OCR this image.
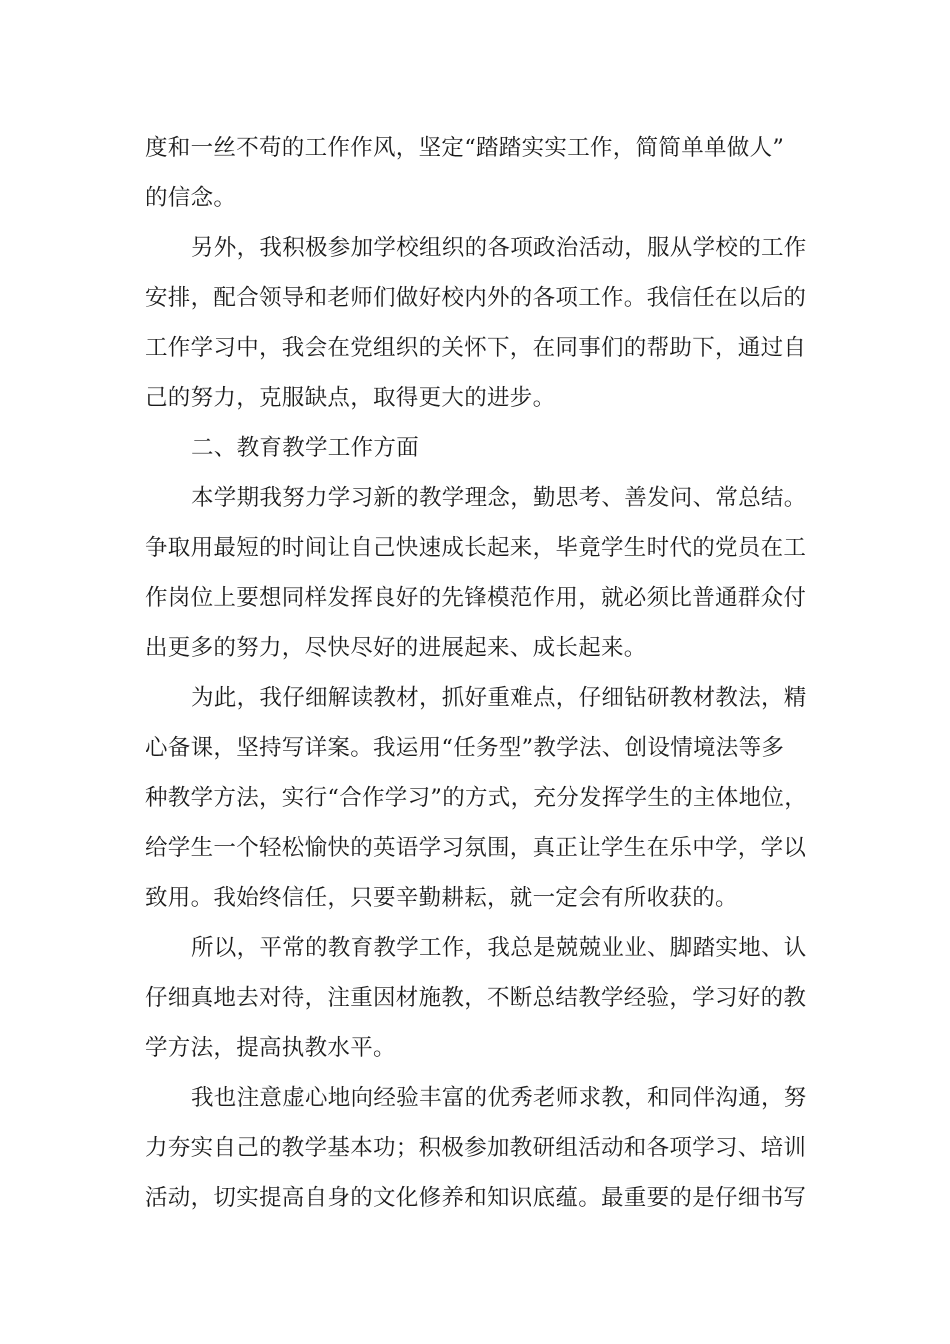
度和一丝不苟的工作作风，坚定“踏踏实实工作，简简单单做人”
的信念。
另外，我积极参加学校组织的各项政治活动，服从学校的工作
安排，配合领导和老师们做好校内外的各项工作。我信任在以后的
工作学习中，我会在党组织的关怀下，在同事们的帮助下，通过自
己的努力，克服缺点，取得更大的进步。
二、教育教学工作方面
本学期我努力学习新的教学理念，勤思考、善发问、常总结。
争取用最短的时间让自己快速成长起来，毕竟学生时代的党员在工
作岗位上要想同样发挥良好的先锋模范作用，就必须比普通群众付
出更多的努力，尽快尽好的进展起来、成长起来。
为此，我仔细解读教材，抓好重难点，仔细钻研教材教法，精
心备课，坚持写详案。我运用“任务型”教学法、创设情境法等多
种教学方法，实行“合作学习”的方式，充分发挥学生的主体地位，
给学生一个轻松愉快的英语学习氛围，真正让学生在乐中学，学以
致用。我始终信任，只要辛勤耕耘，就一定会有所收获的。
所以，平常的教育教学工作，我总是兢兢业业、脚踏实地、认
仔细真地去对待，注重因材施教，不断总结教学经验，学习好的教
学方法，提高执教水平。
我也注意虚心地向经验丰富的优秀老师求教，和同伴沟通，努
力夯实自己的教学基本功；积极参加教研组活动和各项学习、培训
活动，切实提高自身的文化修养和知识底蕴。最重要的是仔细书写
